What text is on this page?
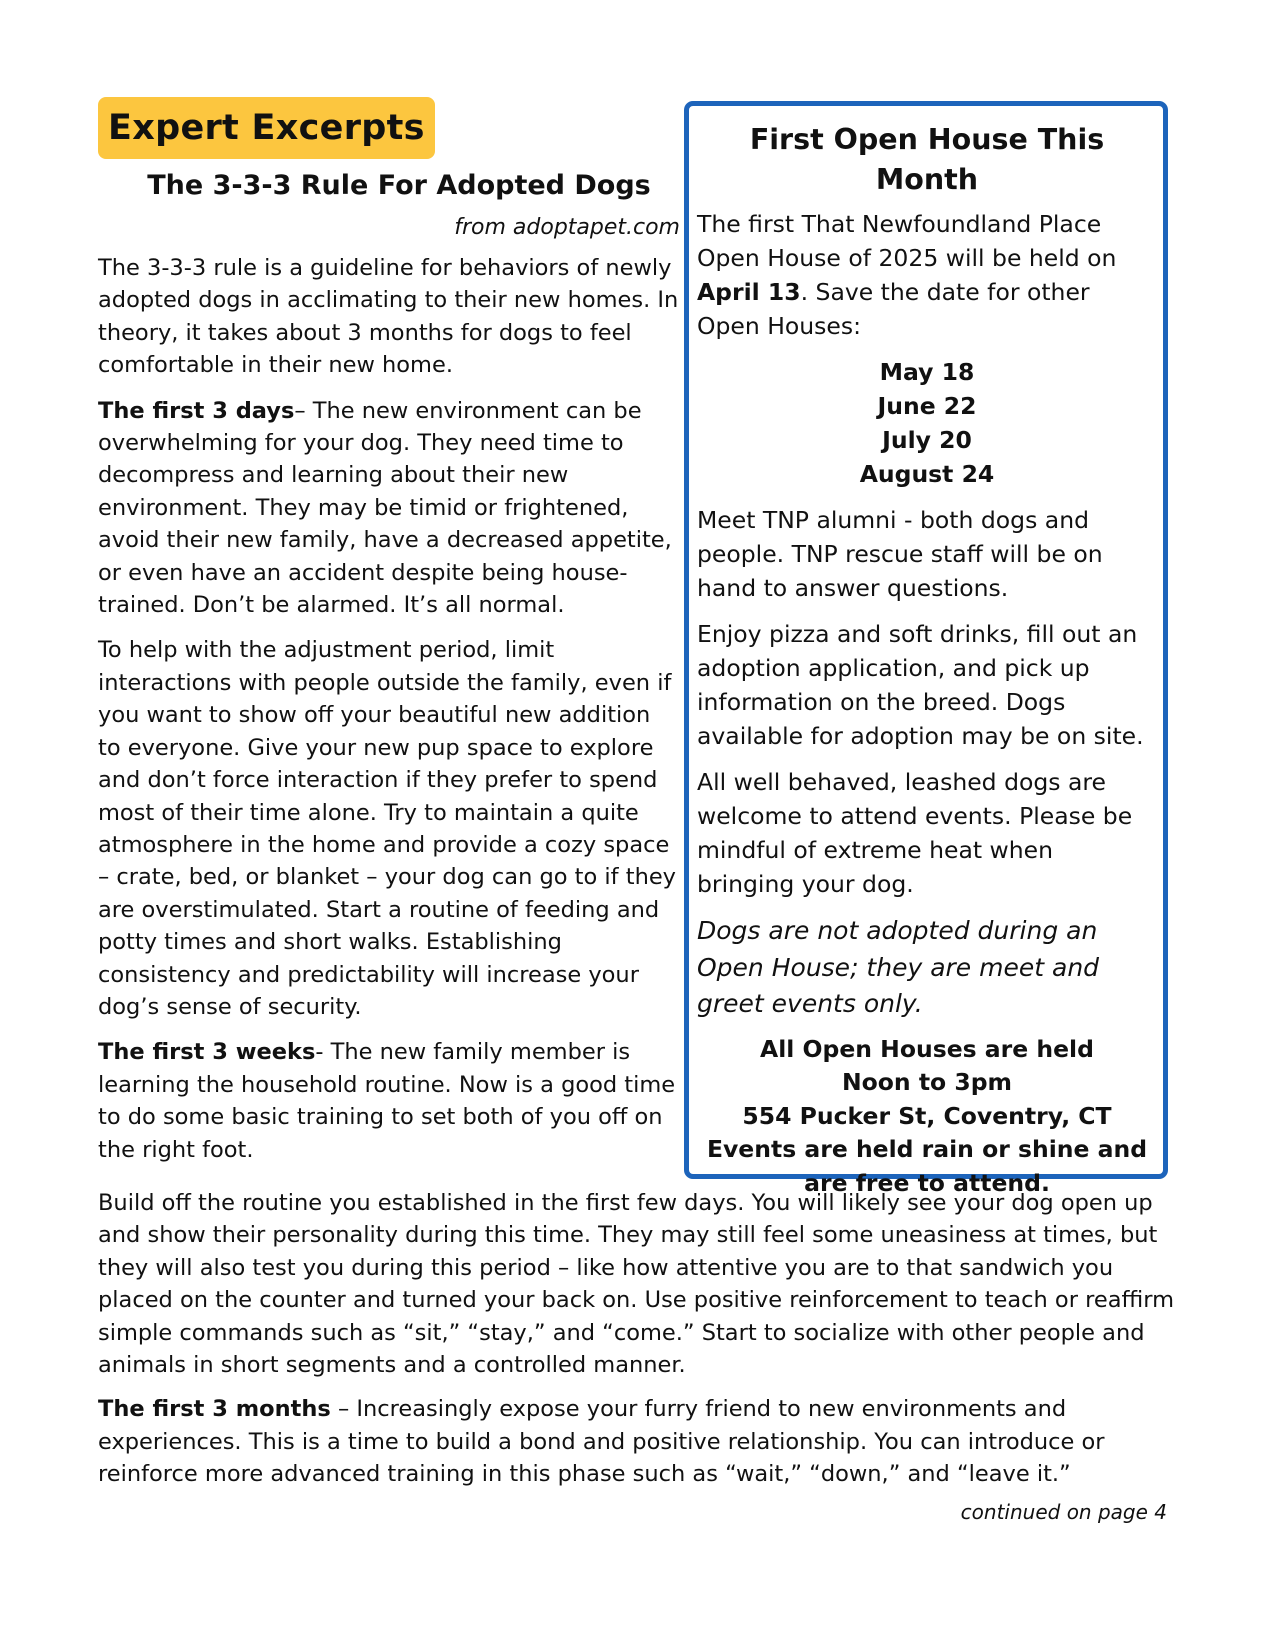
Expert Excerpts
The 3-3-3 Rule For Adopted Dogs
from adoptapet.com

The 3-3-3 rule is a guideline for behaviors of newly adopted dogs in acclimating to their new homes. In theory, it takes about 3 months for dogs to feel comfortable in their new home.

The first 3 days– The new environment can be overwhelming for your dog. They need time to decompress and learning about their new environment. They may be timid or frightened, avoid their new family, have a decreased appetite, or even have an accident despite being house-trained. Don’t be alarmed. It’s all normal.

To help with the adjustment period, limit interactions with people outside the family, even if you want to show off your beautiful new addition to everyone. Give your new pup space to explore and don’t force interaction if they prefer to spend most of their time alone. Try to maintain a quite atmosphere in the home and provide a cozy space – crate, bed, or blanket – your dog can go to if they are overstimulated. Start a routine of feeding and potty times and short walks. Establishing consistency and predictability will increase your dog’s sense of security.

The first 3 weeks- The new family member is learning the household routine. Now is a good time to do some basic training to set both of you off on the right foot.

Build off the routine you established in the first few days. You will likely see your dog open up and show their personality during this time. They may still feel some uneasiness at times, but they will also test you during this period – like how attentive you are to that sandwich you placed on the counter and turned your back on. Use positive reinforcement to teach or reaffirm simple commands such as “sit,” “stay,” and “come.” Start to socialize with other people and animals in short segments and a controlled manner.

The first 3 months – Increasingly expose your furry friend to new environments and experiences. This is a time to build a bond and positive relationship. You can introduce or reinforce more advanced training in this phase such as “wait,” “down,” and “leave it.”

continued on page 4
First Open House This Month

The first That Newfoundland Place Open House of 2025 will be held on April 13. Save the date for other Open Houses:

May 18
June 22
July 20
August 24

Meet TNP alumni - both dogs and people. TNP rescue staff will be on hand to answer questions.

Enjoy pizza and soft drinks, fill out an adoption application, and pick up information on the breed. Dogs available for adoption may be on site.

All well behaved, leashed dogs are welcome to attend events. Please be mindful of extreme heat when bringing your dog.

Dogs are not adopted during an Open House; they are meet and greet events only.

All Open Houses are held
Noon to 3pm
554 Pucker St, Coventry, CT
Events are held rain or shine and
are free to attend.
